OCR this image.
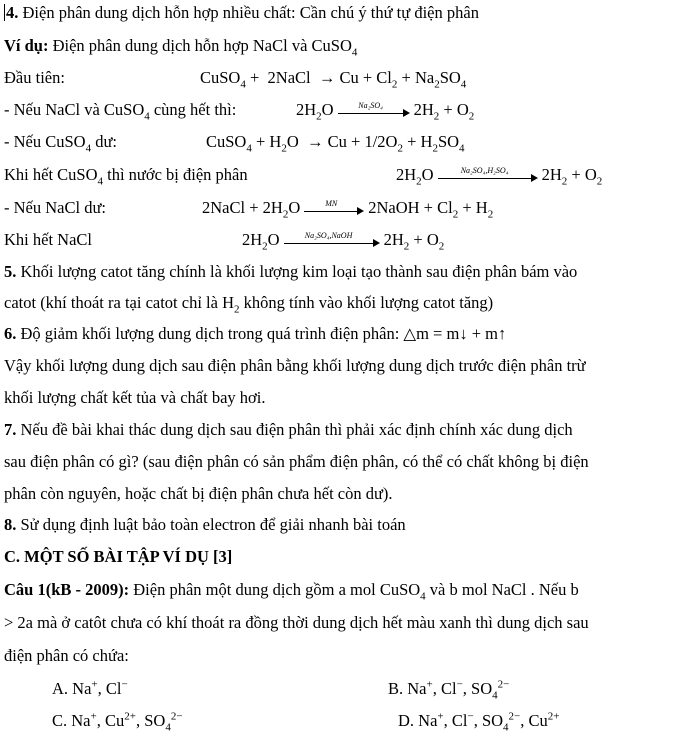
4. Điện phân dung dịch hỗn hợp nhiều chất: Cần chú ý thứ tự điện phân
Ví dụ: Điện phân dung dịch hỗn hợp NaCl và CuSO$_4$
Đầu tiên:	CuSO$_4$ +  2NaCl  → $Cu + Cl_2 + Na_2SO_4$
- Nếu NaCl và CuSO$_4$ cùng hết thì:	$2H_2O$	Na₂SO₄	$2H_2 + O_2$
- Nếu CuSO$_4$ dư:	CuSO$_4$ + $H_2O \to Cu + 1/2O_2 + H_2SO_4$
Khi hết CuSO$_4$ thì nước bị điện phân	$2H_2O$	Na₂SO₄,H₂SO₄	$2H_2 + O_2$
- Nếu NaCl dư:	2NaCl + $2H_2O$	MN	2NaOH + $Cl_2 + H_2$
Khi hết NaCl	$2H_2O$	Na₂SO₄,NaOH	$2H_2 + O_2$
5. Khối lượng catot tăng chính là khối lượng kim loại tạo thành sau điện phân bám vào
catot (khí thoát ra tại catot chỉ là $H_2$ không tính vào khối lượng catot tăng)
6. Độ giảm khối lượng dung dịch trong quá trình điện phân: △m = m↓ + m↑
Vậy khối lượng dung dịch sau điện phân bằng khối lượng dung dịch trước điện phân trừ
khối lượng chất kết tủa và chất bay hơi.
7. Nếu đề bài khai thác dung dịch sau điện phân thì phải xác định chính xác dung dịch
sau điện phân có gì? (sau điện phân có sản phẩm điện phân, có thể có chất không bị điện
phân còn nguyên, hoặc chất bị điện phân chưa hết còn dư).
8. Sử dụng định luật bảo toàn electron để giải nhanh bài toán
C. MỘT SỐ BÀI TẬP VÍ DỤ [3]
Câu 1(kB - 2009): Điện phân một dung dịch gồm a mol CuSO$_4$ và b mol NaCl . Nếu b
> 2a mà ở catôt chưa có khí thoát ra đồng thời dung dịch hết màu xanh thì dung dịch sau
điện phân có chứa:
A. Na+, Cl−	B. Na+, Cl−, $SO_4^{2-}$
C. Na+, $Cu^{2+}$, $SO_4^{2-}$	D. Na+, Cl−, $SO_4^{2-}$, $Cu^{2+}$
